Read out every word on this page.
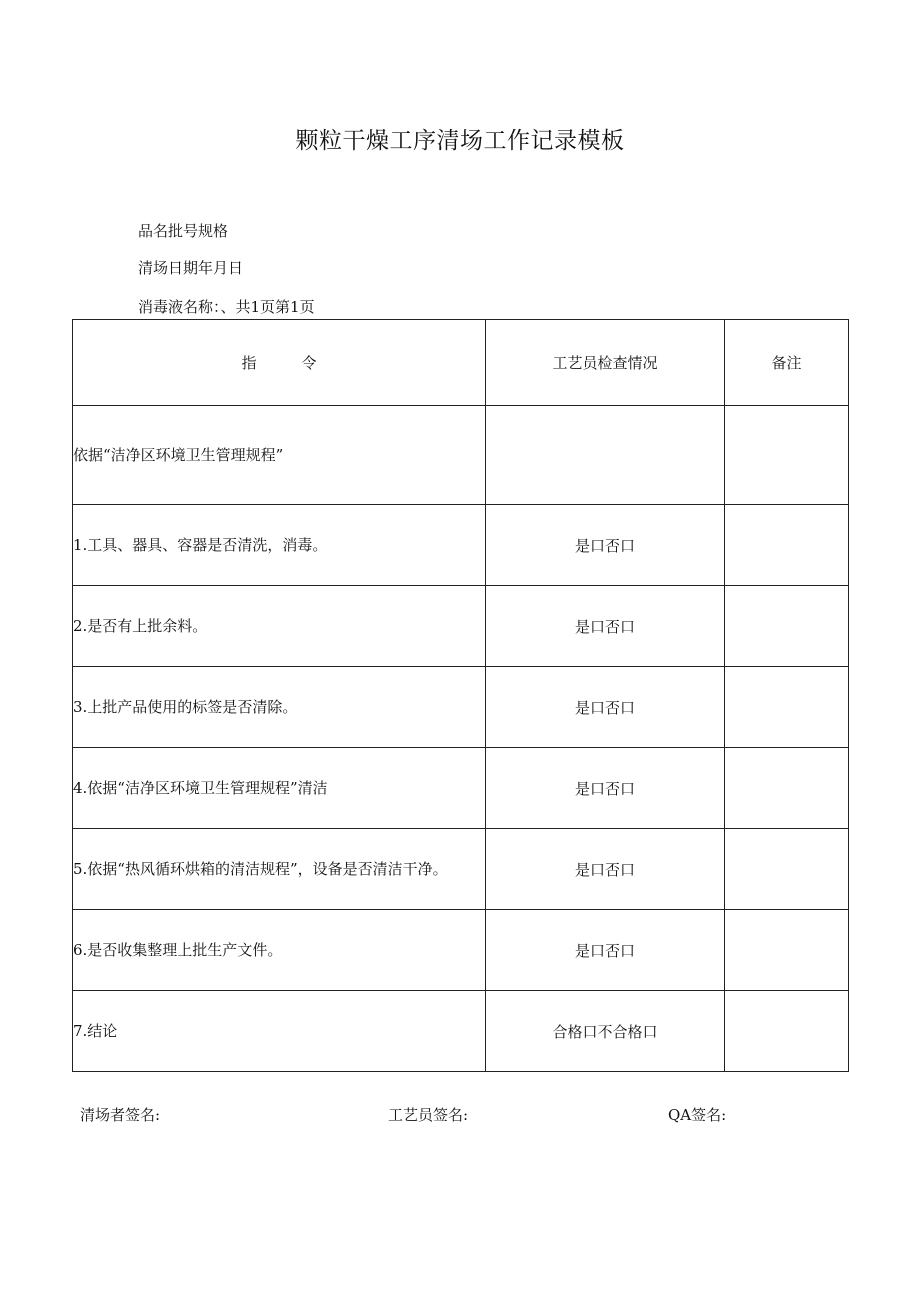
颗粒干燥工序清场工作记录模板
品名批号规格
清场日期年月日
消毒液名称：、共1页第1页
指　　　令	工艺员检查情况	备注
依据“洁净区环境卫生管理规程”		
1.工具、器具、容器是否清洗，消毒。	是口否口	
2.是否有上批余料。	是口否口	
3.上批产品使用的标签是否清除。	是口否口	
4.依据“洁净区环境卫生管理规程”清洁	是口否口	
5.依据“热风循环烘箱的清洁规程”，设备是否清洁干净。	是口否口	
6.是否收集整理上批生产文件。	是口否口	
7.结论	合格口不合格口	
清场者签名:	工艺员签名:	QA签名:
